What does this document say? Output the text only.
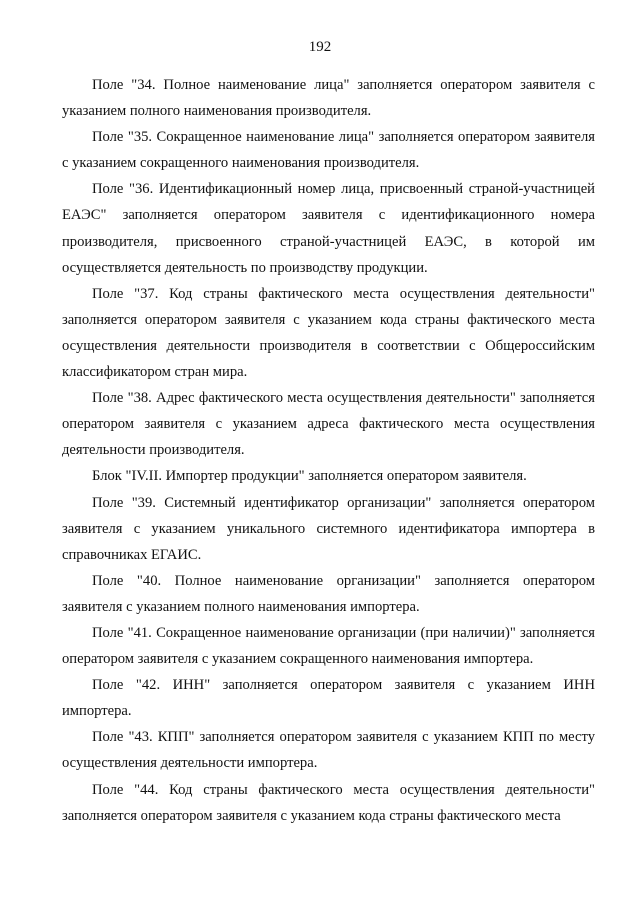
192

Поле "34. Полное наименование лица" заполняется оператором заявителя с указанием полного наименования производителя.

Поле "35. Сокращенное наименование лица" заполняется оператором заявителя с указанием сокращенного наименования производителя.

Поле "36. Идентификационный номер лица, присвоенный страной-участницей ЕАЭС" заполняется оператором заявителя с идентификационного номера производителя, присвоенного страной-участницей ЕАЭС, в которой им осуществляется деятельность по производству продукции.

Поле "37. Код страны фактического места осуществления деятельности" заполняется оператором заявителя с указанием кода страны фактического места осуществления деятельности производителя в соответствии с Общероссийским классификатором стран мира.

Поле "38. Адрес фактического места осуществления деятельности" заполняется оператором заявителя с указанием адреса фактического места осуществления деятельности производителя.

Блок "IV.II. Импортер продукции" заполняется оператором заявителя.

Поле "39. Системный идентификатор организации" заполняется оператором заявителя с указанием уникального системного идентификатора импортера в справочниках ЕГАИС.

Поле "40. Полное наименование организации" заполняется оператором заявителя с указанием полного наименования импортера.

Поле "41. Сокращенное наименование организации (при наличии)" заполняется оператором заявителя с указанием сокращенного наименования импортера.

Поле "42. ИНН" заполняется оператором заявителя с указанием ИНН импортера.

Поле "43. КПП" заполняется оператором заявителя с указанием КПП по месту осуществления деятельности импортера.

Поле "44. Код страны фактического места осуществления деятельности" заполняется оператором заявителя с указанием кода страны фактического места
